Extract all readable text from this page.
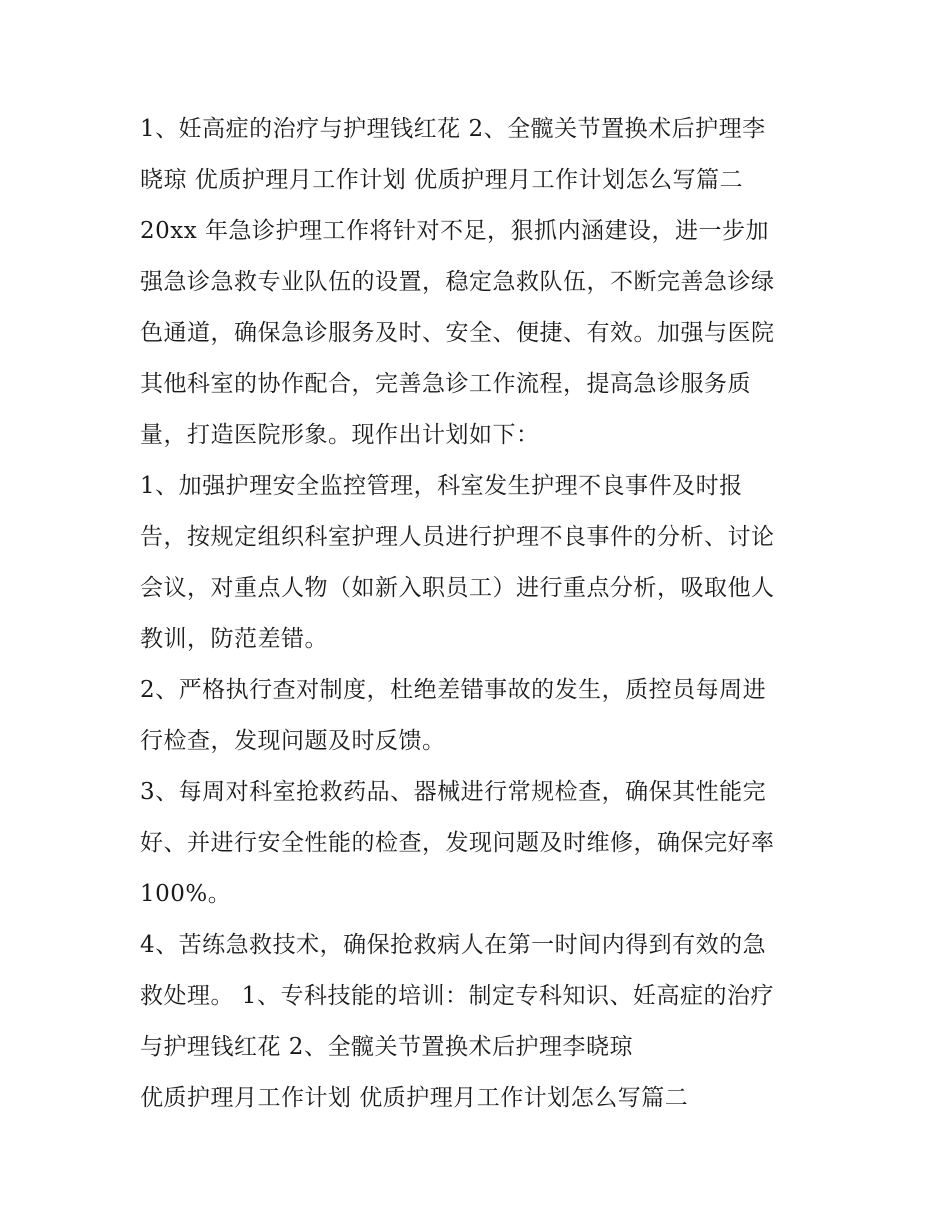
1、妊高症的治疗与护理钱红花 2、全髋关节置换术后护理李
晓琼 优质护理月工作计划 优质护理月工作计划怎么写篇二
20xx 年急诊护理工作将针对不足，狠抓内涵建设，进一步加
强急诊急救专业队伍的设置，稳定急救队伍，不断完善急诊绿
色通道，确保急诊服务及时、安全、便捷、有效。加强与医院
其他科室的协作配合，完善急诊工作流程，提高急诊服务质
量，打造医院形象。现作出计划如下：
1、加强护理安全监控管理，科室发生护理不良事件及时报
告，按规定组织科室护理人员进行护理不良事件的分析、讨论
会议，对重点人物（如新入职员工）进行重点分析，吸取他人
教训，防范差错。
2、严格执行查对制度，杜绝差错事故的发生，质控员每周进
行检查，发现问题及时反馈。
3、每周对科室抢救药品、器械进行常规检查，确保其性能完
好、并进行安全性能的检查，发现问题及时维修，确保完好率
100%。
4、苦练急救技术，确保抢救病人在第一时间内得到有效的急
救处理。 1、专科技能的培训：制定专科知识、妊高症的治疗
与护理钱红花 2、全髋关节置换术后护理李晓琼
优质护理月工作计划 优质护理月工作计划怎么写篇二
